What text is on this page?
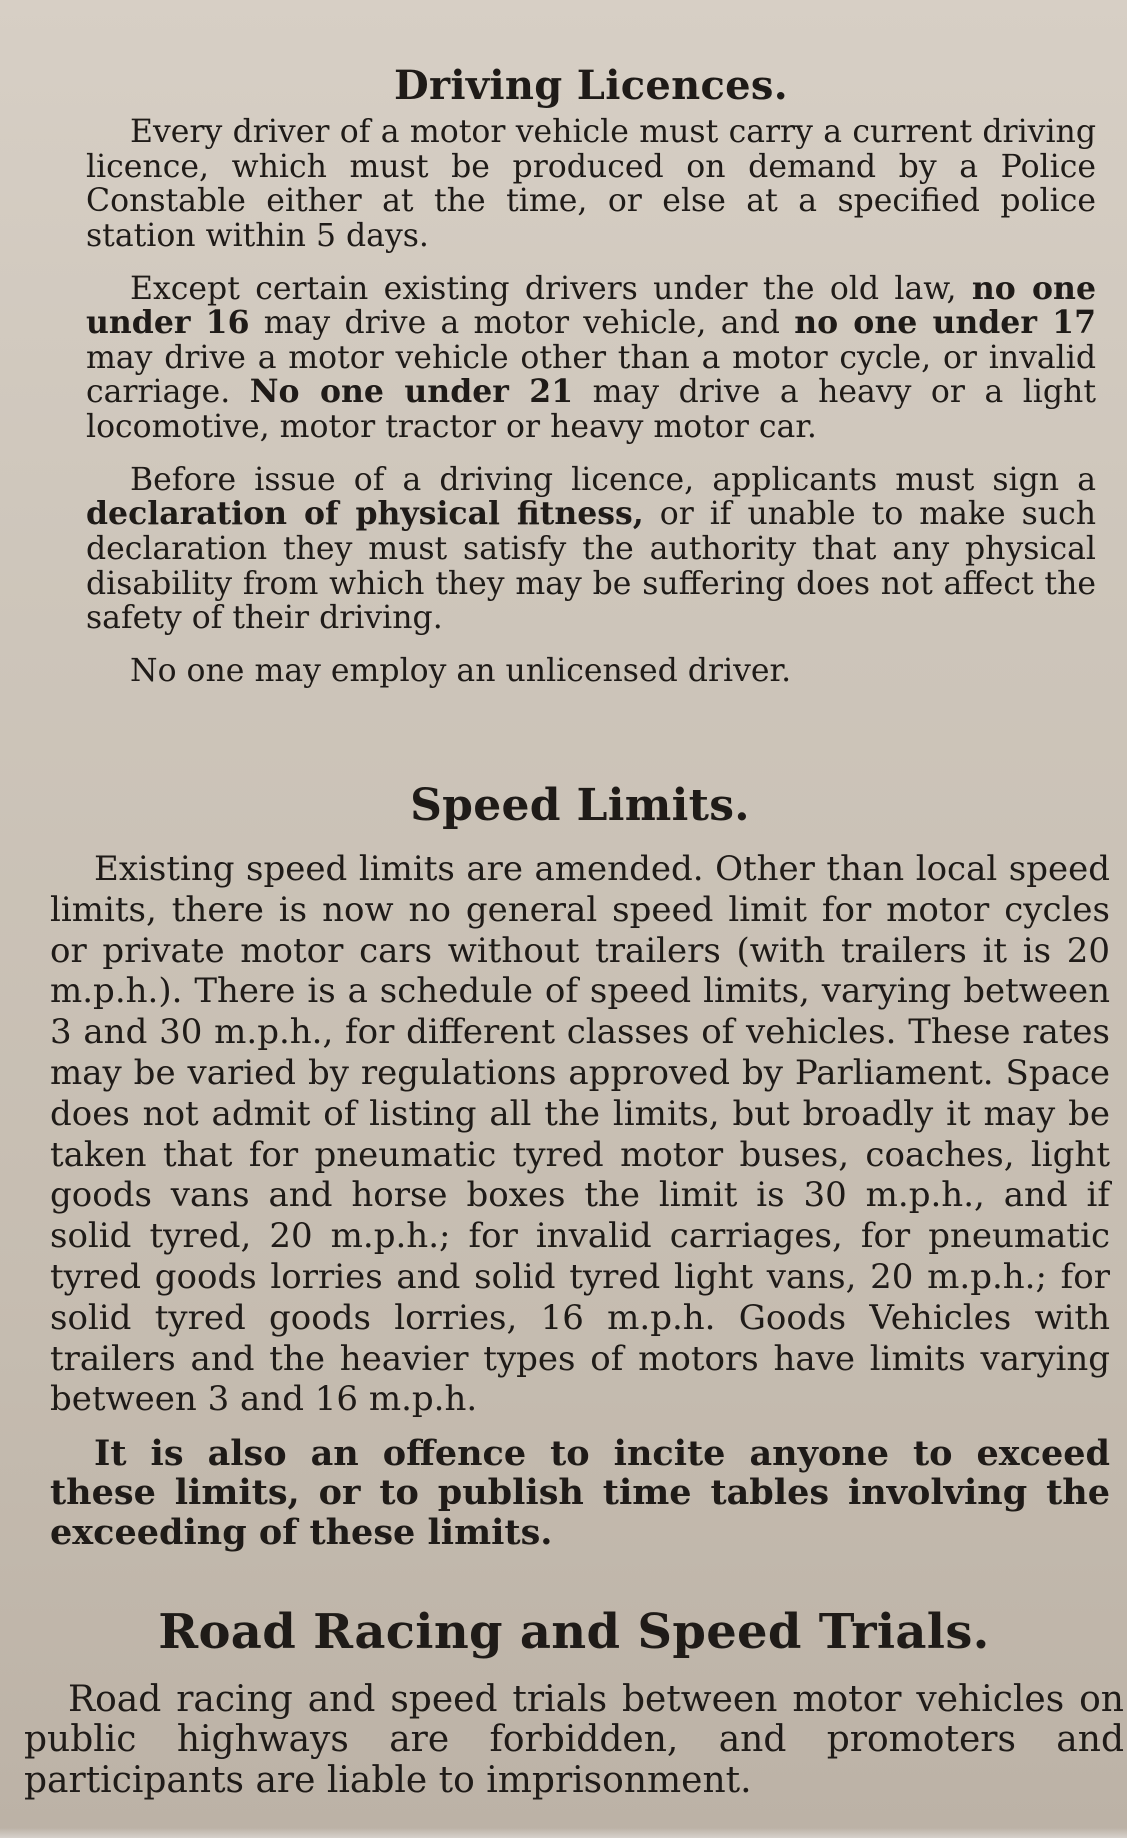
Driving Licences.

Every driver of a motor vehicle must carry a current driving licence, which must be produced on demand by a Police Constable either at the time, or else at a specified police station within 5 days.

Except certain existing drivers under the old law, no one under 16 may drive a motor vehicle, and no one under 17 may drive a motor vehicle other than a motor cycle, or invalid carriage. No one under 21 may drive a heavy or a light locomotive, motor tractor or heavy motor car.

Before issue of a driving licence, applicants must sign a declaration of physical fitness, or if unable to make such declaration they must satisfy the authority that any physical disability from which they may be suffering does not affect the safety of their driving.

No one may employ an unlicensed driver.

Speed Limits.

Existing speed limits are amended. Other than local speed limits, there is now no general speed limit for motor cycles or private motor cars without trailers (with trailers it is 20 m.p.h.). There is a schedule of speed limits, varying between 3 and 30 m.p.h., for different classes of vehicles. These rates may be varied by regulations approved by Parliament. Space does not admit of listing all the limits, but broadly it may be taken that for pneumatic tyred motor buses, coaches, light goods vans and horse boxes the limit is 30 m.p.h., and if solid tyred, 20 m.p.h.; for invalid carriages, for pneumatic tyred goods lorries and solid tyred light vans, 20 m.p.h.; for solid tyred goods lorries, 16 m.p.h. Goods Vehicles with trailers and the heavier types of motors have limits varying between 3 and 16 m.p.h.

It is also an offence to incite anyone to exceed these limits, or to publish time tables involving the exceeding of these limits.

Road Racing and Speed Trials.

Road racing and speed trials between motor vehicles on public highways are forbidden, and promoters and participants are liable to imprisonment.
